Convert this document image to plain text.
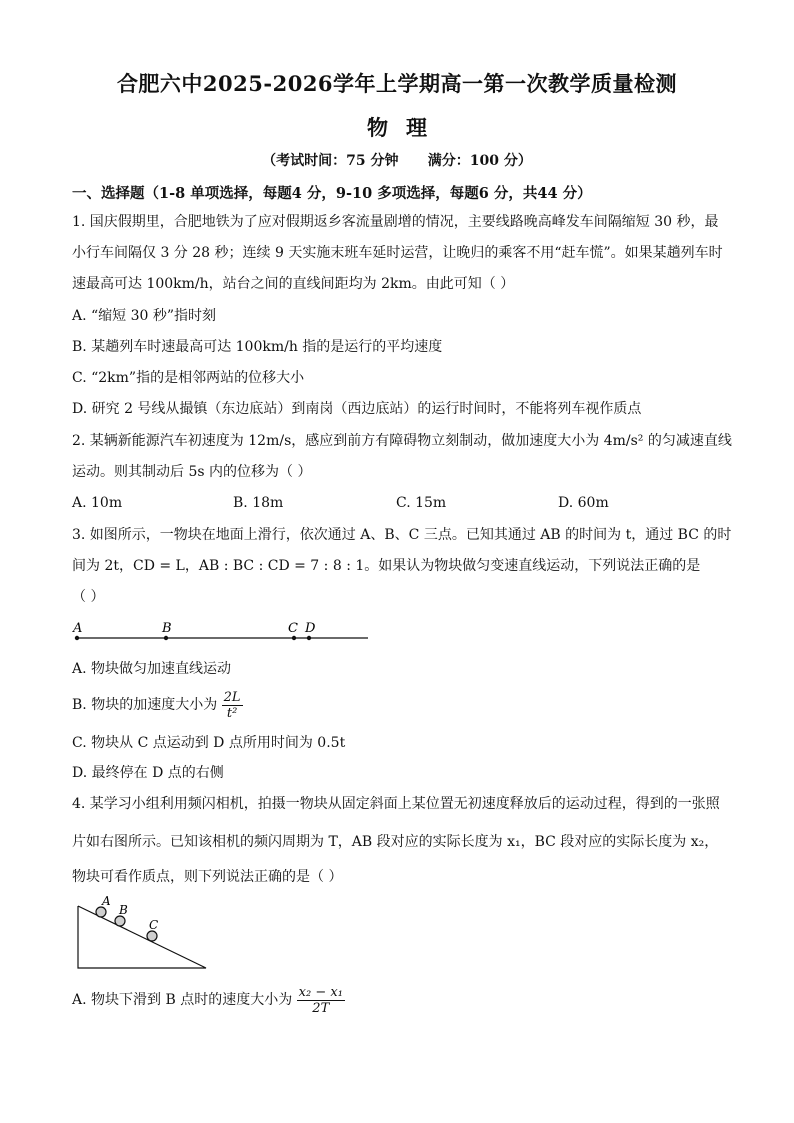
合肥六中2025-2026学年上学期高一第一次教学质量检测
物理
（考试时间：75 分钟      满分：100 分）
一、选择题（1-8 单项选择，每题4 分，9-10 多项选择，每题6 分，共44 分）
1. 国庆假期里，合肥地铁为了应对假期返乡客流量剧增的情况，主要线路晚高峰发车间隔缩短 30 秒，最
小行车间隔仅 3 分 28 秒；连续 9 天实施末班车延时运营，让晚归的乘客不用“赶车慌”。如果某趟列车时
速最高可达 100km/h，站台之间的直线间距均为 2km。由此可知（ ）
A. “缩短 30 秒”指时刻
B. 某趟列车时速最高可达 100km/h 指的是运行的平均速度
C. “2km”指的是相邻两站的位移大小
D. 研究 2 号线从撮镇（东边底站）到南岗（西边底站）的运行时间时，不能将列车视作质点
2. 某辆新能源汽车初速度为 12m/s，感应到前方有障碍物立刻制动，做加速度大小为 4m/s² 的匀减速直线
运动。则其制动后 5s 内的位移为（ ）
A. 10m	B. 18m	C. 15m	D. 60m
3. 如图所示，一物块在地面上滑行，依次通过 A、B、C 三点。已知其通过 AB 的时间为 t，通过 BC 的时
间为 2t，CD = L，AB : BC : CD = 7 : 8 : 1。如果认为物块做匀变速直线运动，下列说法正确的是
（ ）
A	B	C D
A. 物块做匀加速直线运动
B. 物块的加速度大小为 $\frac{2L}{\text{t²}}$
C. 物块从 C 点运动到 D 点所用时间为 0.5t
D. 最终停在 D 点的右侧
4. 某学习小组利用频闪相机，拍摄一物块从固定斜面上某位置无初速度释放后的运动过程，得到的一张照
片如右图所示。已知该相机的频闪周期为 T，AB 段对应的实际长度为 x₁，BC 段对应的实际长度为 x₂，
物块可看作质点，则下列说法正确的是（ ）
A
B
C
A. 物块下滑到 B 点时的速度大小为 $\frac{\text{x₂ − x₁}}{2T}$
